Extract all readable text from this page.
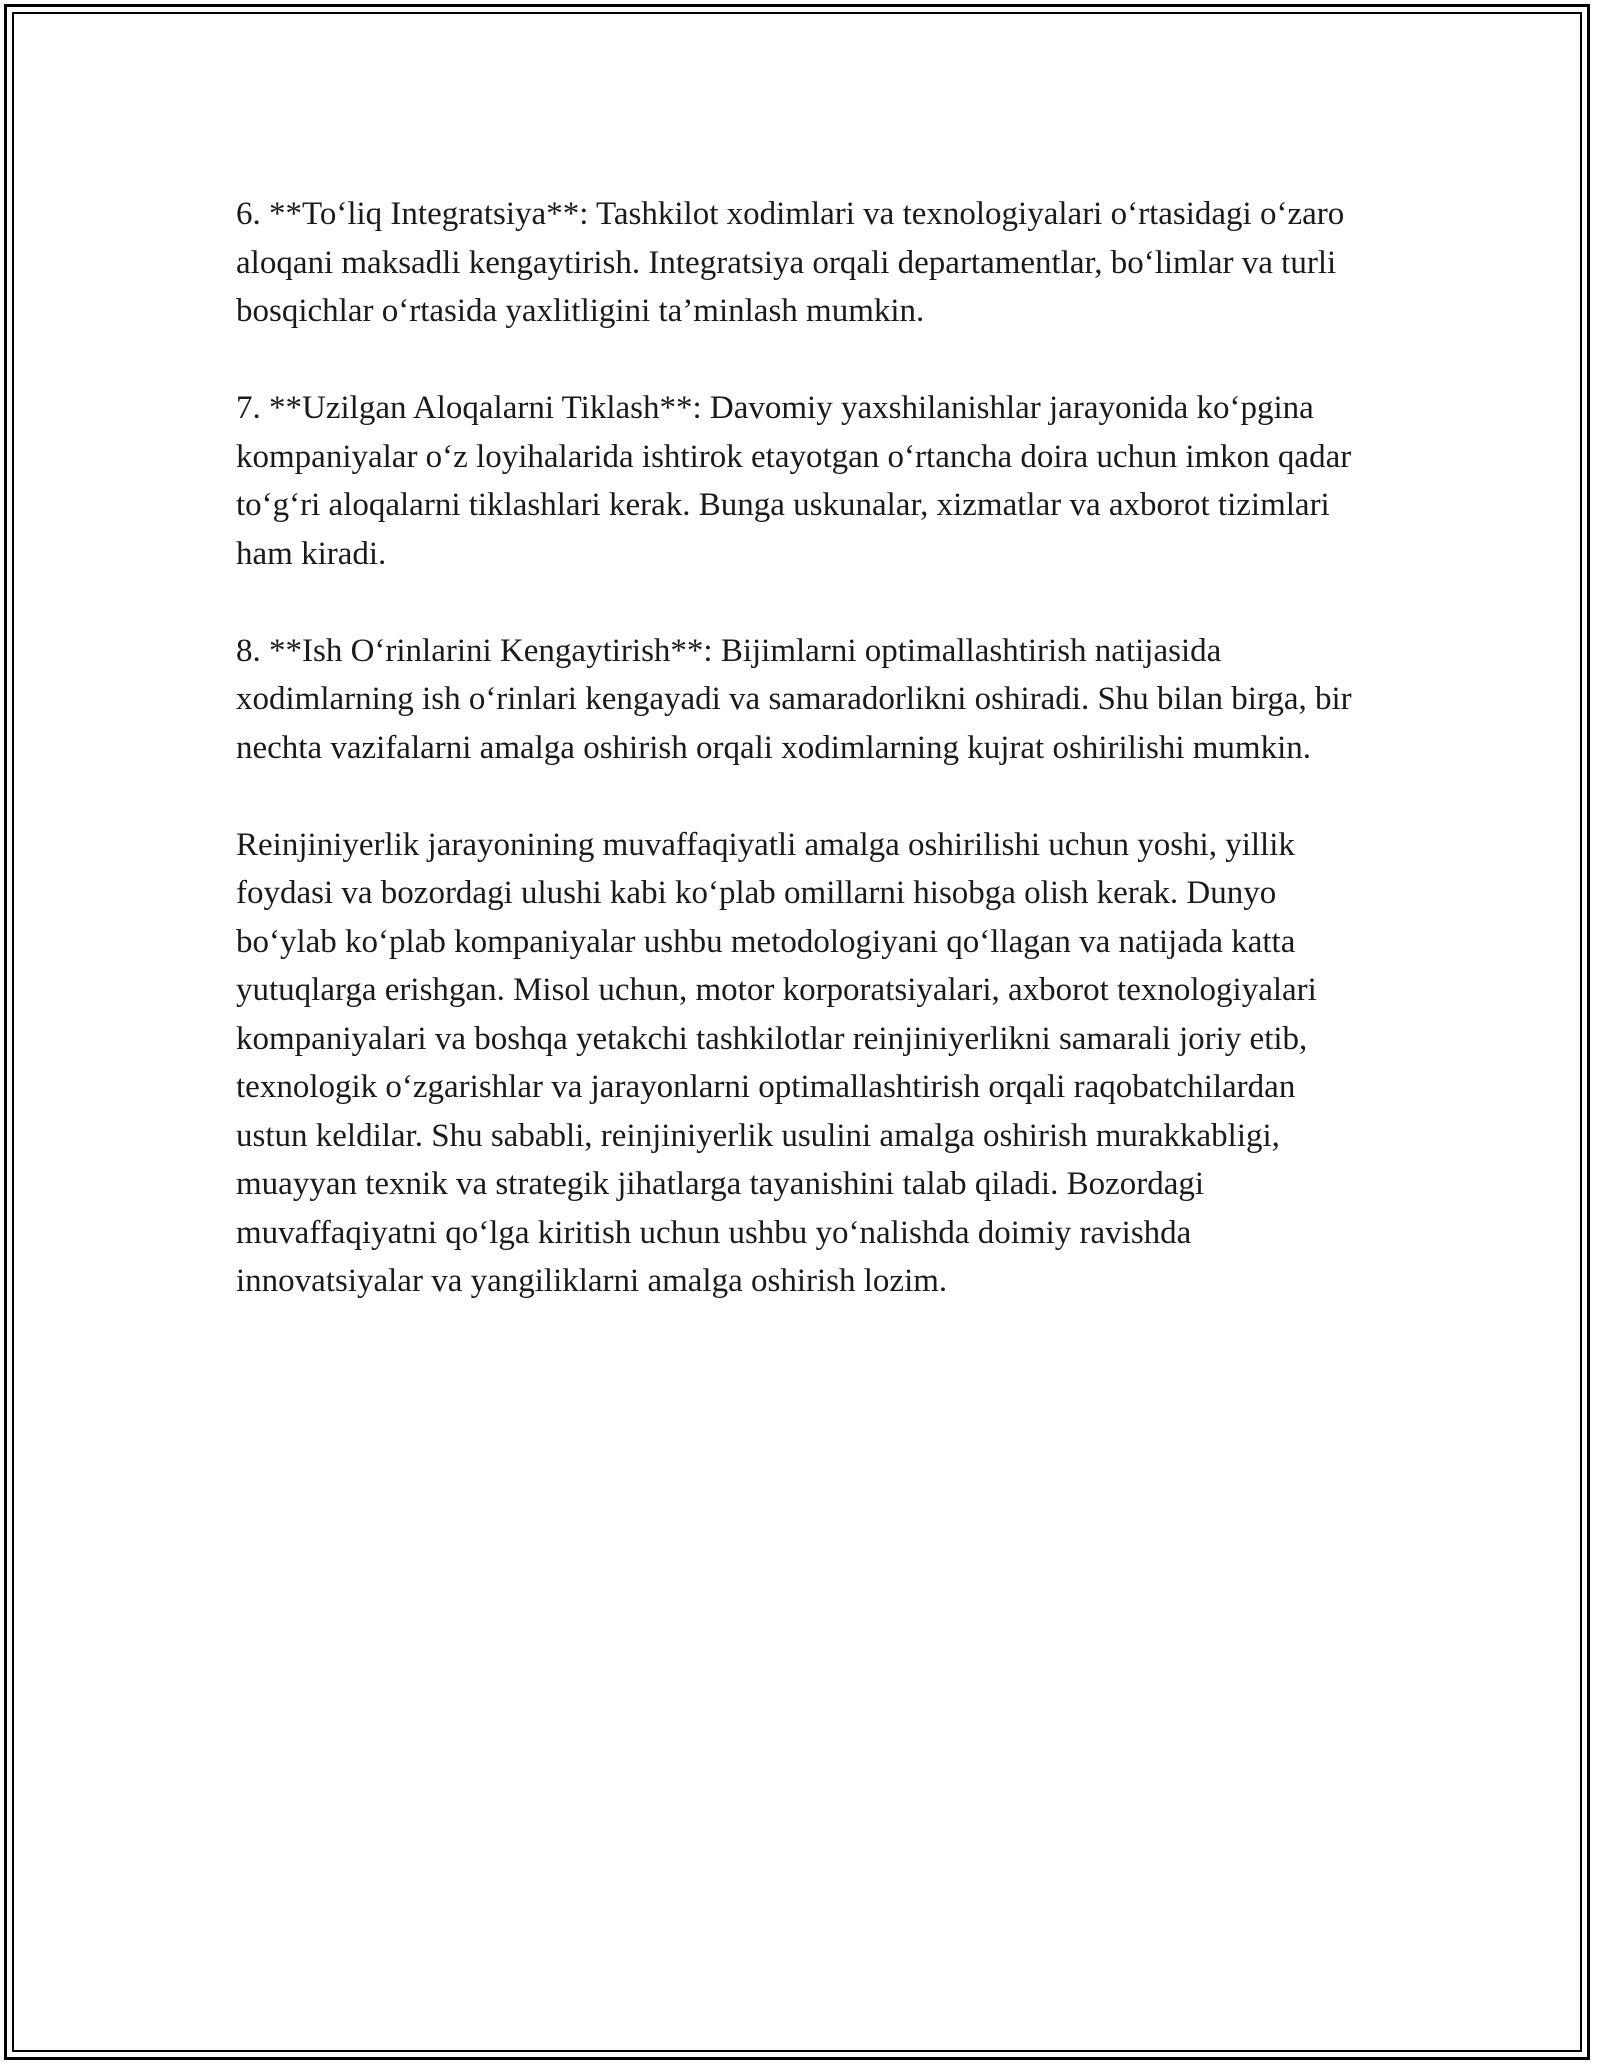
6. **To‘liq Integratsiya**: Tashkilot xodimlari va texnologiyalari o‘rtasidagi o‘zaro aloqani maksadli kengaytirish. Integratsiya orqali departamentlar, bo‘limlar va turli bosqichlar o‘rtasida yaxlitligini ta’minlash mumkin.

7. **Uzilgan Aloqalarni Tiklash**: Davomiy yaxshilanishlar jarayonida ko‘pgina kompaniyalar o‘z loyihalarida ishtirok etayotgan o‘rtancha doira uchun imkon qadar to‘g‘ri aloqalarni tiklashlari kerak. Bunga uskunalar, xizmatlar va axborot tizimlari ham kiradi.

8. **Ish O‘rinlarini Kengaytirish**: Bijimlarni optimallashtirish natijasida xodimlarning ish o‘rinlari kengayadi va samaradorlikni oshiradi. Shu bilan birga, bir nechta vazifalarni amalga oshirish orqali xodimlarning kujrat oshirilishi mumkin.

Reinjiniyerlik jarayonining muvaffaqiyatli amalga oshirilishi uchun yoshi, yillik foydasi va bozordagi ulushi kabi ko‘plab omillarni hisobga olish kerak. Dunyo bo‘ylab ko‘plab kompaniyalar ushbu metodologiyani qo‘llagan va natijada katta yutuqlarga erishgan. Misol uchun, motor korporatsiyalari, axborot texnologiyalari kompaniyalari va boshqa yetakchi tashkilotlar reinjiniyerlikni samarali joriy etib, texnologik o‘zgarishlar va jarayonlarni optimallashtirish orqali raqobatchilardan ustun keldilar. Shu sababli, reinjiniyerlik usulini amalga oshirish murakkabligi, muayyan texnik va strategik jihatlarga tayanishini talab qiladi. Bozordagi muvaffaqiyatni qo‘lga kiritish uchun ushbu yo‘nalishda doimiy ravishda innovatsiyalar va yangiliklarni amalga oshirish lozim.
